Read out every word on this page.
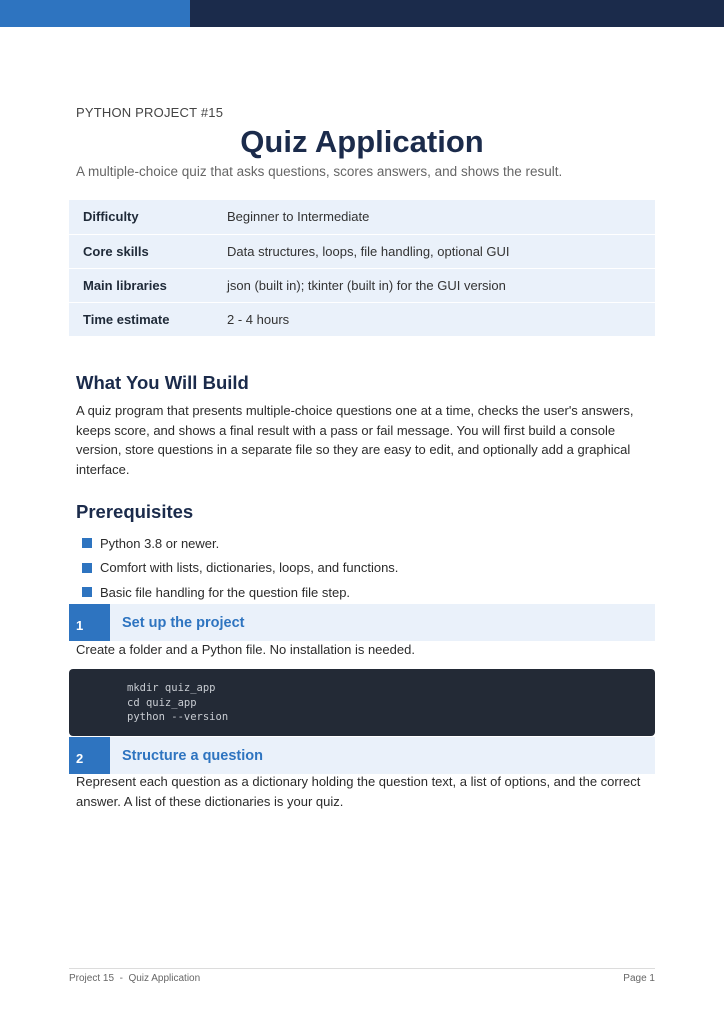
PYTHON PROJECT #15
Quiz Application
A multiple-choice quiz that asks questions, scores answers, and shows the result.
Difficulty	Beginner to Intermediate
Core skills	Data structures, loops, file handling, optional GUI
Main libraries	json (built in); tkinter (built in) for the GUI version
Time estimate	2 - 4 hours
What You Will Build

A quiz program that presents multiple-choice questions one at a time, checks the user's answers, keeps score, and shows a final result with a pass or fail message. You will first build a console version, store questions in a separate file so they are easy to edit, and optionally add a graphical interface.

Prerequisites
Python 3.8 or newer.
Comfort with lists, dictionaries, loops, and functions.
Basic file handling for the question file step.
1	Set up the project

Create a folder and a Python file. No installation is needed.

mkdir quiz_app
cd quiz_app
python --version
2	Structure a question

Represent each question as a dictionary holding the question text, a list of options, and the correct answer. A list of these dictionaries is your quiz.

Project 15  -  Quiz Application	Page 1
